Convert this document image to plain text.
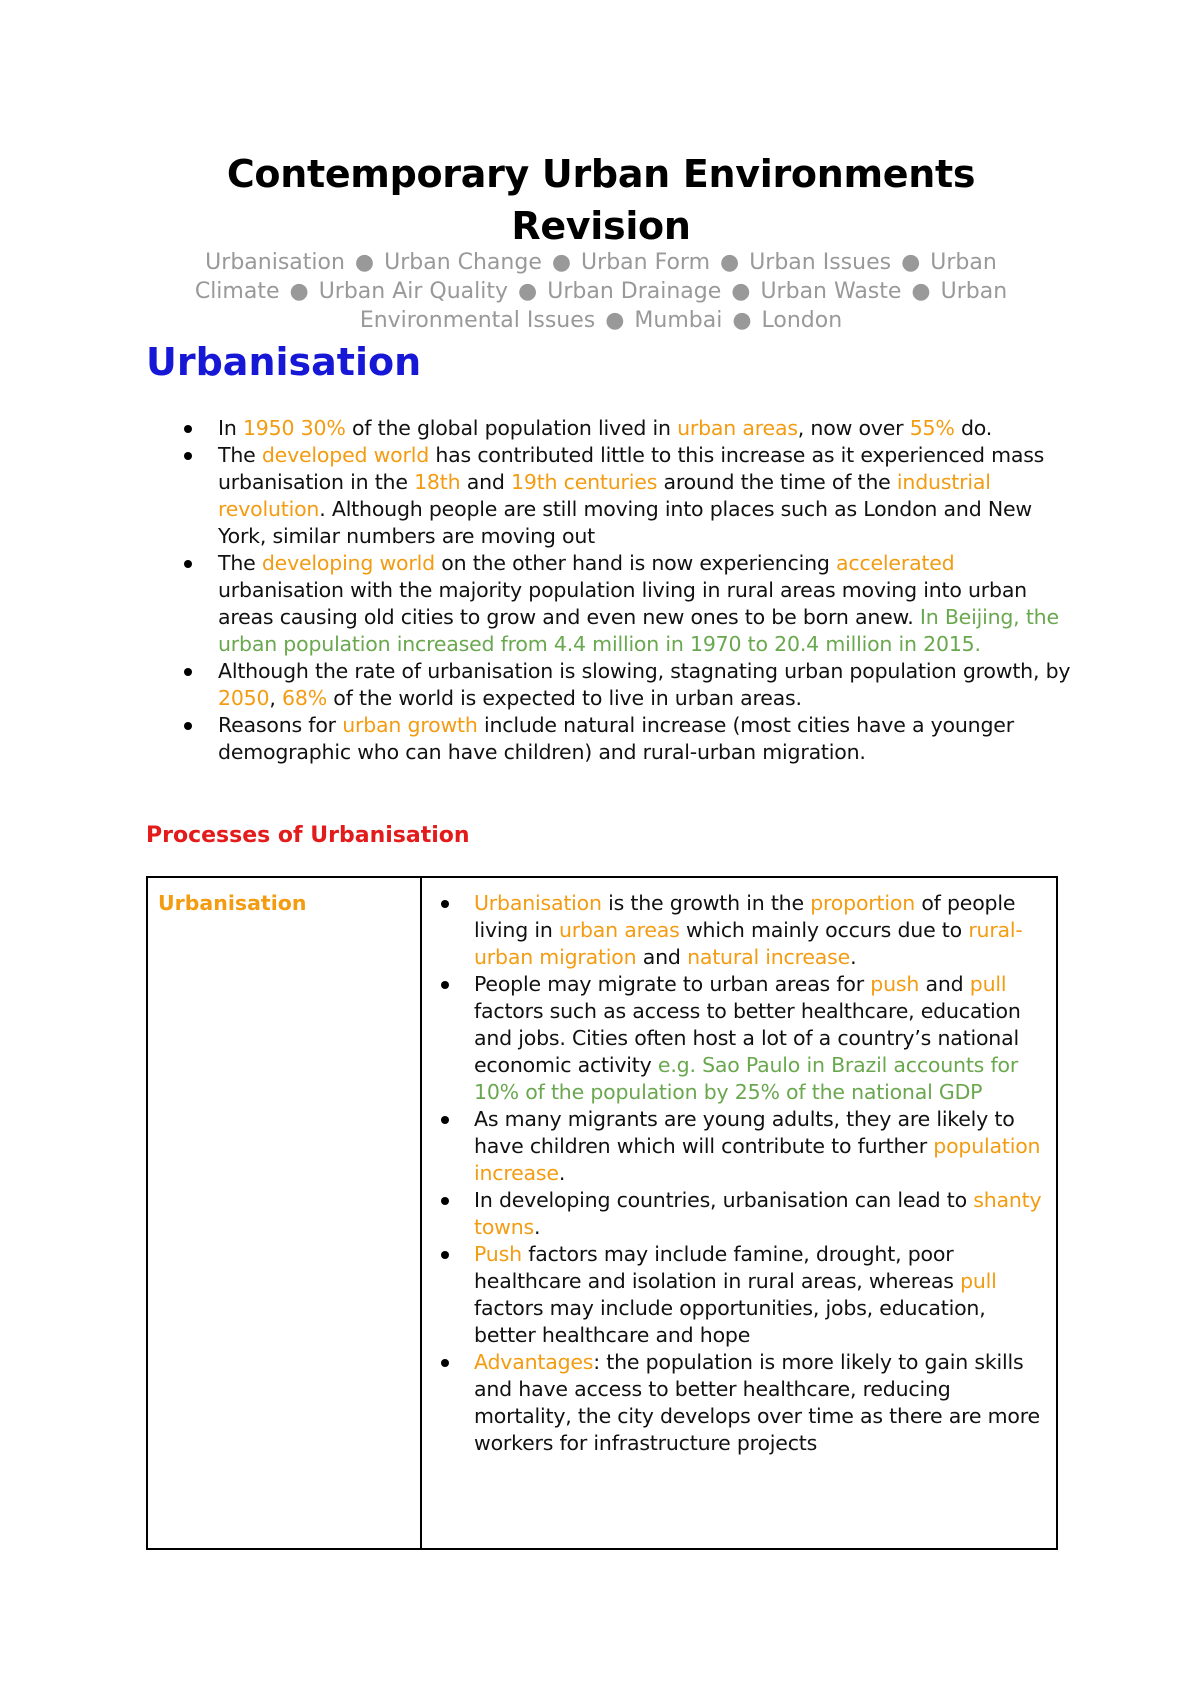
Contemporary Urban Environments
Revision
Urbanisation ● Urban Change ● Urban Form ● Urban Issues ● Urban Climate ● Urban Air Quality ● Urban Drainage ● Urban Waste ● Urban Environmental Issues ● Mumbai ● London
Urbanisation
In 1950 30% of the global population lived in urban areas, now over 55% do.
The developed world has contributed little to this increase as it experienced mass urbanisation in the 18th and 19th centuries around the time of the industrial revolution. Although people are still moving into places such as London and New York, similar numbers are moving out
The developing world on the other hand is now experiencing accelerated urbanisation with the majority population living in rural areas moving into urban areas causing old cities to grow and even new ones to be born anew. In Beijing, the urban population increased from 4.4 million in 1970 to 20.4 million in 2015.
Although the rate of urbanisation is slowing, stagnating urban population growth, by 2050, 68% of the world is expected to live in urban areas.
Reasons for urban growth include natural increase (most cities have a younger demographic who can have children) and rural-urban migration.
Processes of Urbanisation
Urbanisation	Urbanisation is the growth in the proportion of people living in urban areas which mainly occurs due to rural-urban migration and natural increase.
People may migrate to urban areas for push and pull factors such as access to better healthcare, education and jobs. Cities often host a lot of a country’s national economic activity e.g. Sao Paulo in Brazil accounts for 10% of the population by 25% of the national GDP
As many migrants are young adults, they are likely to have children which will contribute to further population increase.
In developing countries, urbanisation can lead to shanty towns.
Push factors may include famine, drought, poor healthcare and isolation in rural areas, whereas pull factors may include opportunities, jobs, education, better healthcare and hope
Advantages: the population is more likely to gain skills and have access to better healthcare, reducing mortality, the city develops over time as there are more workers for infrastructure projects
